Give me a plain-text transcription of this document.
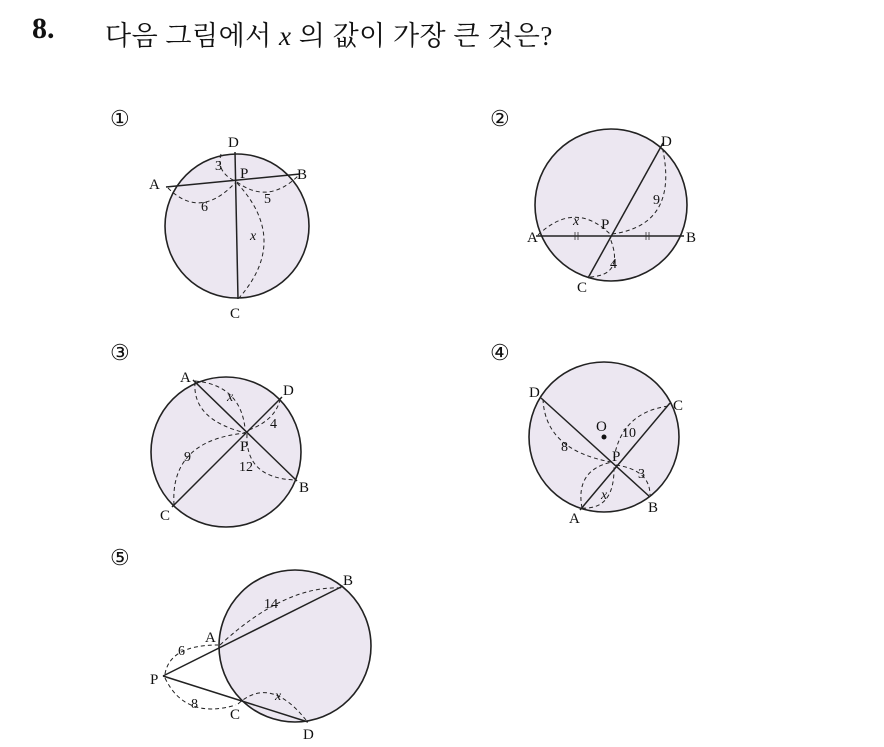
8. 다음 그림에서 x 의 값이 가장 큰 것은?
①	②
③	④
⑤
D
A
B
C
P
3
6
5
x
D
A	B
C
P
x
9
4
A
D
B
C
P
x
4
9
12
D
C
B
A
O
P
10
8
3
x
B
A
P
C
D
14
6
8
x
